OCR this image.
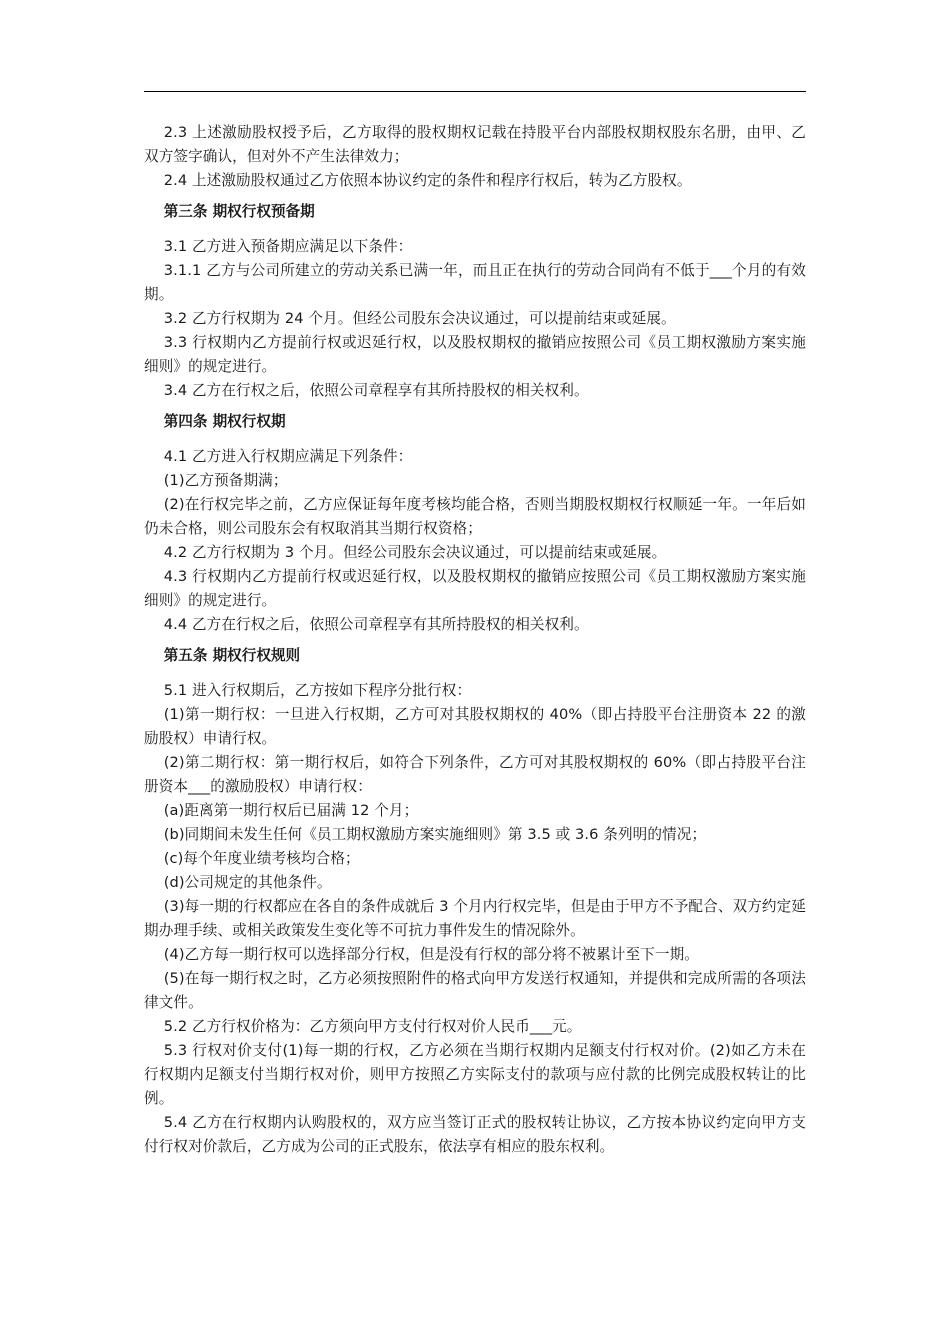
2.3 上述激励股权授予后，乙方取得的股权期权记载在持股平台内部股权期权股东名册，由甲、乙双方签字确认，但对外不产生法律效力；

2.4 上述激励股权通过乙方依照本协议约定的条件和程序行权后，转为乙方股权。

第三条 期权行权预备期

3.1 乙方进入预备期应满足以下条件：

3.1.1 乙方与公司所建立的劳动关系已满一年，而且正在执行的劳动合同尚有不低于___个月的有效期。

3.2 乙方行权期为 24 个月。但经公司股东会决议通过，可以提前结束或延展。

3.3 行权期内乙方提前行权或迟延行权，以及股权期权的撤销应按照公司《员工期权激励方案实施细则》的规定进行。

3.4 乙方在行权之后，依照公司章程享有其所持股权的相关权利。

第四条 期权行权期

4.1 乙方进入行权期应满足下列条件：

(1)乙方预备期满；

(2)在行权完毕之前，乙方应保证每年度考核均能合格，否则当期股权期权行权顺延一年。一年后如仍未合格，则公司股东会有权取消其当期行权资格；

4.2 乙方行权期为 3 个月。但经公司股东会决议通过，可以提前结束或延展。

4.3 行权期内乙方提前行权或迟延行权，以及股权期权的撤销应按照公司《员工期权激励方案实施细则》的规定进行。

4.4 乙方在行权之后，依照公司章程享有其所持股权的相关权利。

第五条 期权行权规则

5.1 进入行权期后，乙方按如下程序分批行权：

(1)第一期行权：一旦进入行权期，乙方可对其股权期权的 40%（即占持股平台注册资本 22 的激励股权）申请行权。

(2)第二期行权：第一期行权后，如符合下列条件，乙方可对其股权期权的 60%（即占持股平台注册资本___的激励股权）申请行权：

(a)距离第一期行权后已届满 12 个月；

(b)同期间未发生任何《员工期权激励方案实施细则》第 3.5 或 3.6 条列明的情况；

(c)每个年度业绩考核均合格；

(d)公司规定的其他条件。

(3)每一期的行权都应在各自的条件成就后 3 个月内行权完毕，但是由于甲方不予配合、双方约定延期办理手续、或相关政策发生变化等不可抗力事件发生的情况除外。

(4)乙方每一期行权可以选择部分行权，但是没有行权的部分将不被累计至下一期。

(5)在每一期行权之时，乙方必须按照附件的格式向甲方发送行权通知，并提供和完成所需的各项法律文件。

5.2 乙方行权价格为：乙方须向甲方支付行权对价人民币___元。

5.3 行权对价支付(1)每一期的行权，乙方必须在当期行权期内足额支付行权对价。(2)如乙方未在行权期内足额支付当期行权对价，则甲方按照乙方实际支付的款项与应付款的比例完成股权转让的比例。

5.4 乙方在行权期内认购股权的，双方应当签订正式的股权转让协议，乙方按本协议约定向甲方支付行权对价款后，乙方成为公司的正式股东，依法享有相应的股东权利。
